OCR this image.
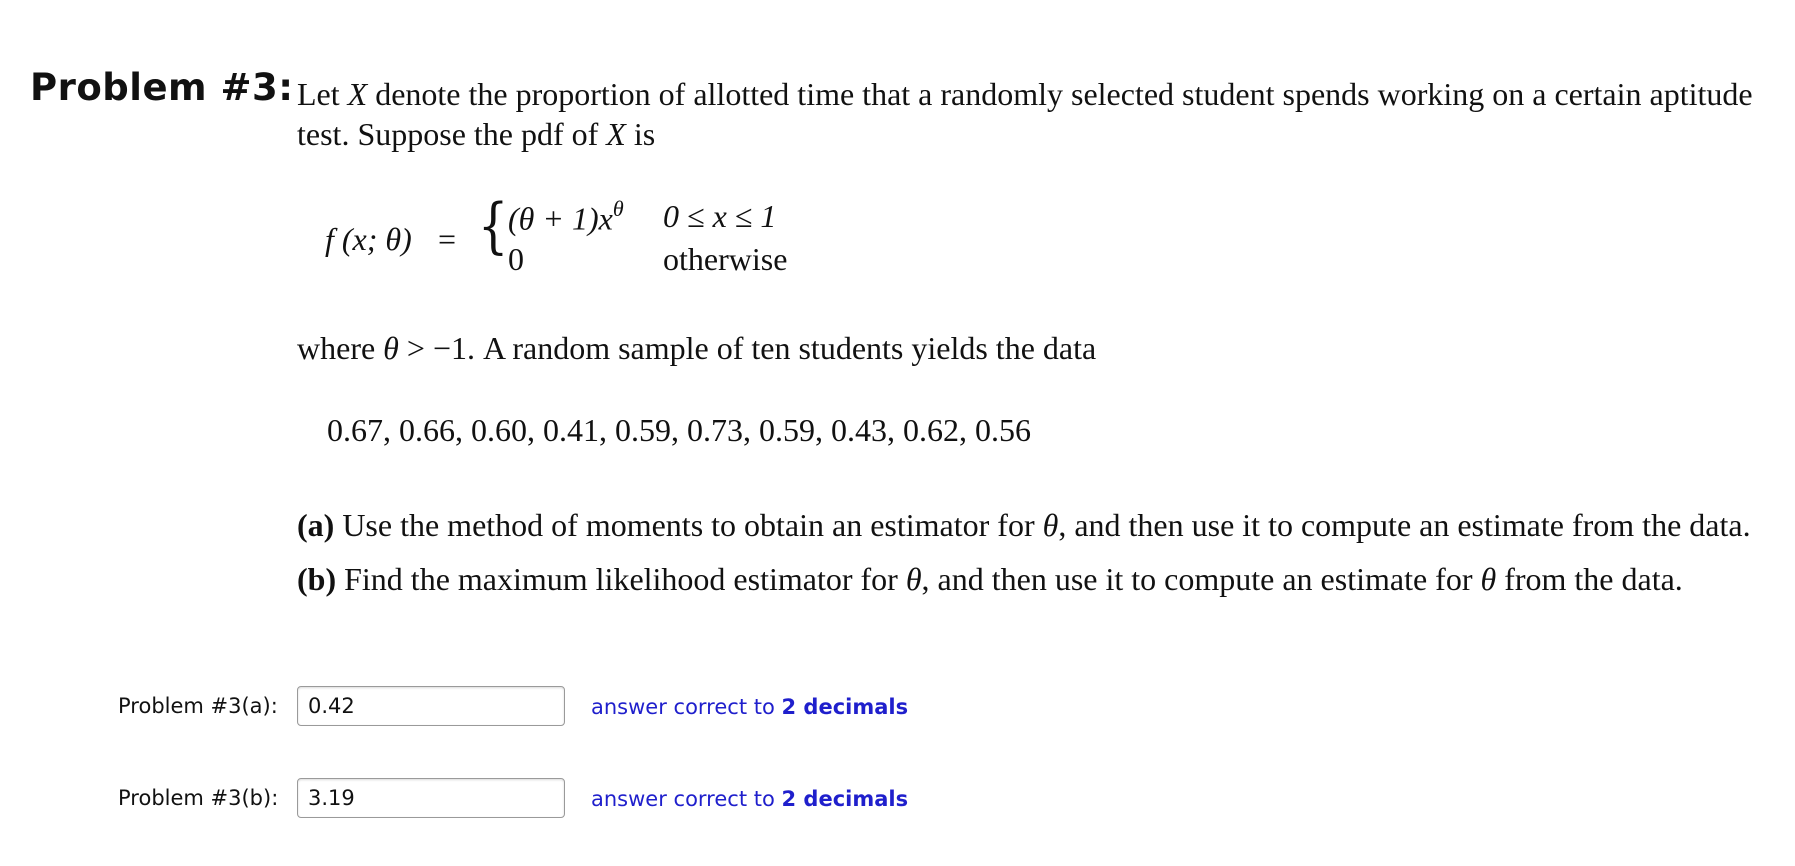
Problem #3: Let X denote the proportion of allotted time that a randomly selected student spends working on a certain aptitude
test. Suppose the pdf of X is
f (x; θ) = { $(\theta + 1)x^\theta$ 0 ≤ x ≤ 1
0	otherwise
where θ > −1. A random sample of ten students yields the data
0.67, 0.66, 0.60, 0.41, 0.59, 0.73, 0.59, 0.43, 0.62, 0.56
(a) Use the method of moments to obtain an estimator for θ, and then use it to compute an estimate from the data.
(b) Find the maximum likelihood estimator for θ, and then use it to compute an estimate for θ from the data.
Problem #3(a):
0.42	answer correct to 2 decimals
Problem #3(b):
3.19	answer correct to 2 decimals
